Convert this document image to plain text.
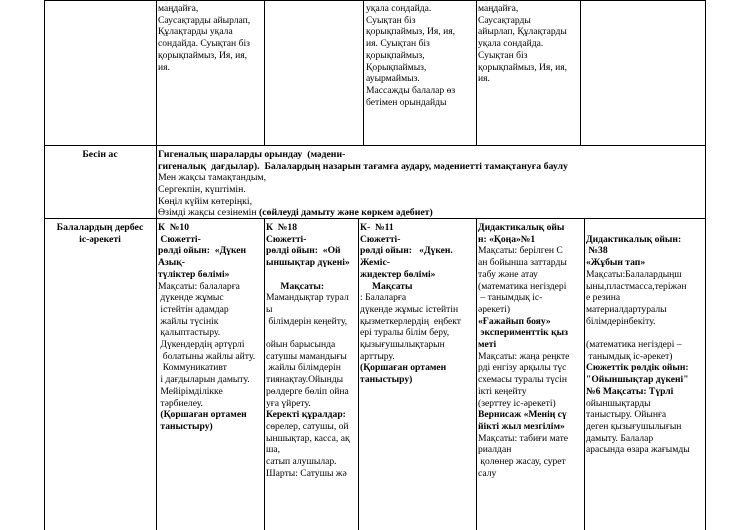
маңдайға,
Саусақтарды айырлап,
Құлақтарды уқала
сондайда. Суықтан біз
қорықпаймыз, Ия, ия,
ия.
уқала сондайда.
Суықтан біз
қорықпаймыз, Ия, ия,
ия. Суықтан біз
қорықпаймыз,
Қорықпаймыз,
ауырмаймыз.
Массажды балалар өз
бетімен орындайды
маңдайға,
Саусақтарды
айырлап, Құлақтарды
уқала сондайда.
Суықтан біз
қорықпаймыз, Ия, ия,
ия.
Бесін ас	Гигеналық шараларды орындау  (мәдени-
гигеналық  дағдылар).  Балалардың назарын тағамға аудару, мәдениетті тамақтануға баулу
Мен жақсы тамақтандым,
Сергекпін, күштімін.
Көңіл күйім көтеріңкі,
Өзімді жақсы сезінемін (сөйлеуді дамыту және көркем әдебиет)
Балалардың дербес
іс-әрекеті
К  №10
Сюжетті-
рөлді ойын:  «Дүкен
Азық-
түліктер бөлімі»
Мақсаты: балаларға
дүкенде жұмыс
істейтін адамдар
жайлы түсінік
қалыптастыру.
Дүкендердің әртүрлі
болатыны жайлы айту.
Коммуникативт
і дағдыларын дамыту.
Мейірімділікке
тәрбиелеу.
(Қоршаған ортамен
таныстыру)
К  №18
Сюжетті-
рөлді ойын:  «Ой
ыншықтар дүкені»

Мақсаты:
Мамандықтар турал
ы
білімдерін кеңейту,

ойын барысында
сатушы мамандығы
жайлы білімдерін
тиянақтау.Ойынды
рөлдерге бөліп ойна
уға үйрету.
Керекті құралдар:
сөрелер, сатушы, ой
ыншықтар, касса, ақ
ша,
сатып алушылар.
Шарты: Сатушы жә
К-  №11
Сюжетті-
рөлді ойын:   «Дүкен.
Жеміс-
жидектер бөлімі»
Мақсаты
: Балаларға
дүкенде жұмыс істейтін
қызметкерлердің  еңбект
ері туралы білім беру,
қызығушылықтарын
арттыру.
(Қоршаған ортамен
таныстыру)
Дидактикалық ойы
н: «Қоңа»№1
Мақсаты: берілген С
ан бойынша заттарды
табу және атау
(математика негіздері
– танымдық іс-
әрекеті)
«Ғажайып бояу»
эксперименттік қыз
меті
Мақсаты: жаңа реңкте
рді енгізу арқылы түс
схемасы туралы түсін
ікті кеңейту
(зерттеу іс-әрекеті)
Вернисаж «Менің сү
йікті жыл мезгілім»
Мақсаты: табиғи мате
риалдан
қолөнер жасау, сурет
салу

Дидактикалық ойын:
№38
«Жұбын тап»
Мақсаты:Балалардыңш
ыны,пластмасса,теріжән
е резина
материалдартуралы
білімдерінбекіту.

(математика негіздері –
танымдық іс-әрекет)
Сюжеттік рөлдік ойын:
"Ойыншықтар дүкені"
№6 Мақсаты: Түрлі
ойыншықтарды
таныстыру. Ойынға
деген қызығушылығын
дамыту. Балалар
арасында өзара жағымды
